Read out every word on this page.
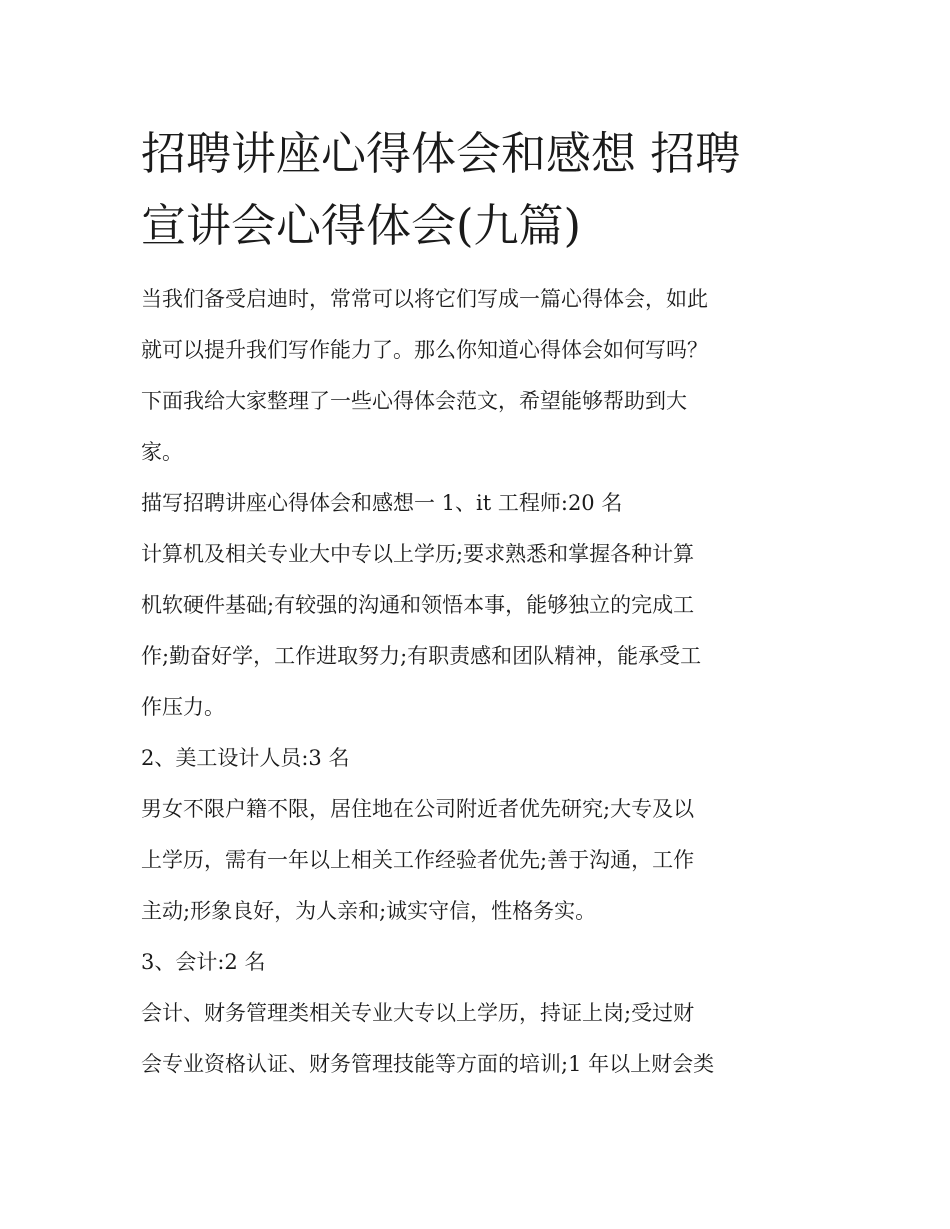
招聘讲座心得体会和感想 招聘
宣讲会心得体会(九篇)

当我们备受启迪时，常常可以将它们写成一篇心得体会，如此
就可以提升我们写作能力了。那么你知道心得体会如何写吗？
下面我给大家整理了一些心得体会范文，希望能够帮助到大
家。

描写招聘讲座心得体会和感想一 1、it 工程师:20 名

计算机及相关专业大中专以上学历;要求熟悉和掌握各种计算
机软硬件基础;有较强的沟通和领悟本事，能够独立的完成工
作;勤奋好学，工作进取努力;有职责感和团队精神，能承受工
作压力。

2、美工设计人员:3 名

男女不限户籍不限，居住地在公司附近者优先研究;大专及以
上学历，需有一年以上相关工作经验者优先;善于沟通，工作
主动;形象良好，为人亲和;诚实守信，性格务实。

3、会计:2 名

会计、财务管理类相关专业大专以上学历，持证上岗;受过财
会专业资格认证、财务管理技能等方面的培训;1 年以上财会类
